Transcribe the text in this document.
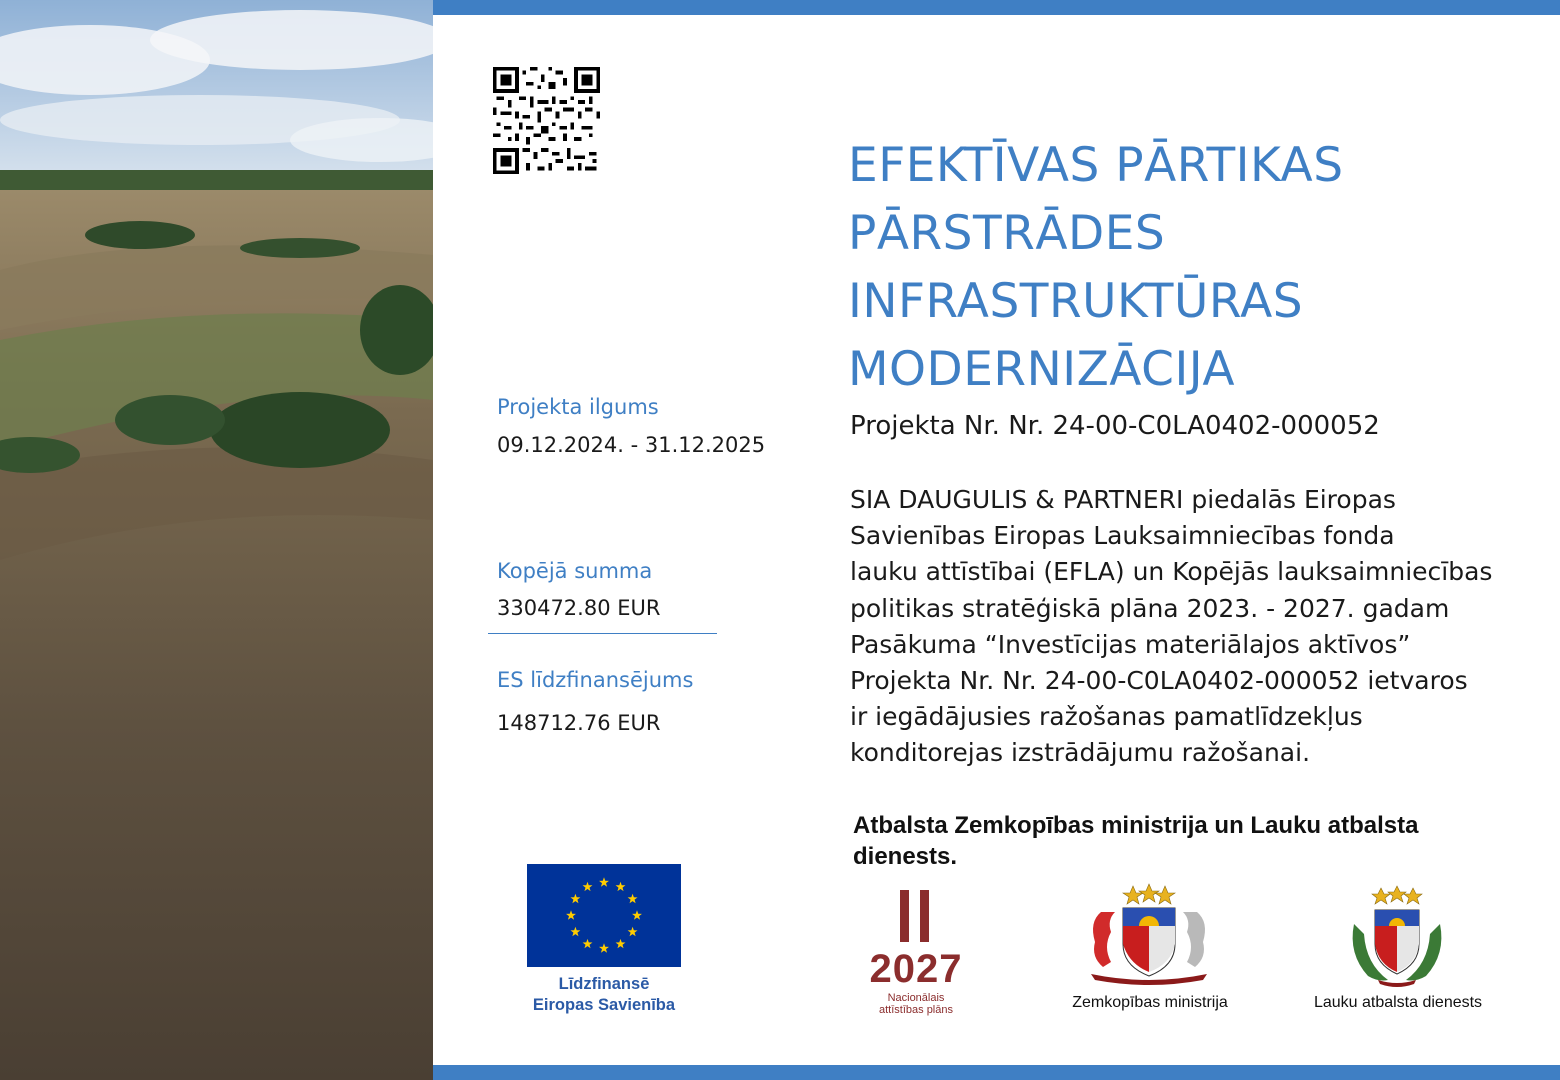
EFEKTĪVAS PĀRTIKAS
PĀRSTRĀDES
INFRASTRUKTŪRAS
MODERNIZĀCIJA
Projekta Nr. Nr. 24-00-C0LA0402-000052
SIA DAUGULIS & PARTNERI piedalās Eiropas
Savienības Eiropas Lauksaimniecības fonda
lauku attīstībai (EFLA) un Kopējās lauksaimniecības
politikas stratēģiskā plāna 2023. - 2027. gadam
Pasākuma “Investīcijas materiālajos aktīvos”
Projekta Nr. Nr. 24-00-C0LA0402-000052 ietvaros
ir iegādājusies ražošanas pamatlīdzekļus
konditorejas izstrādājumu ražošanai.
Projekta ilgums
09.12.2024. - 31.12.2025
Kopējā summa
330472.80 EUR
ES līdzfinansējums
148712.76 EUR
Atbalsta Zemkopības ministrija un Lauku atbalsta dienests.
Līdzfinansē
Eiropas Savienība
2027
Nacionālais
attīstības plāns	Zemkopības ministrija	Lauku atbalsta dienests
